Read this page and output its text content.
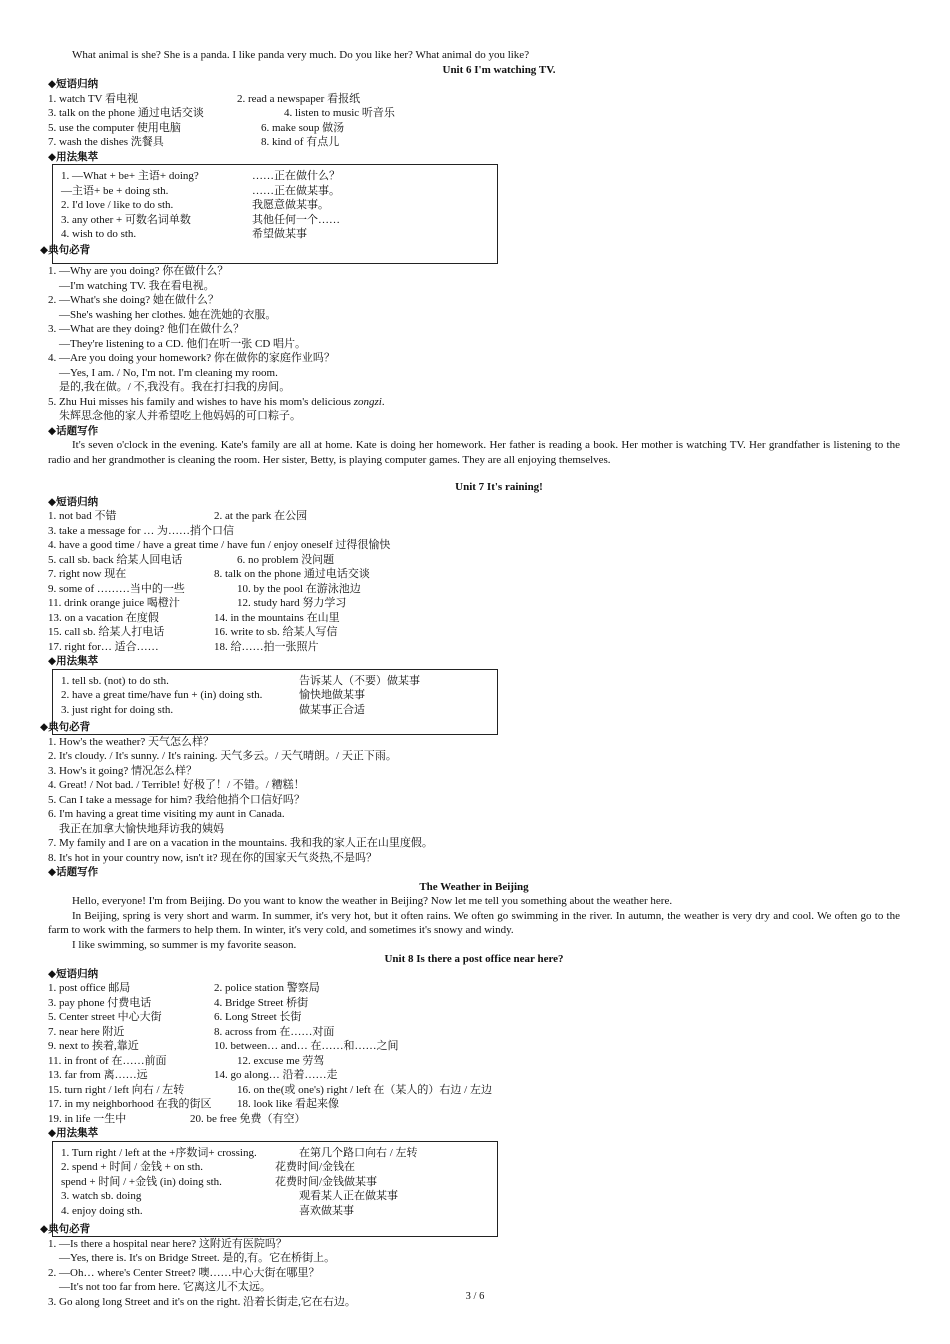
What animal is she? She is a panda. I like panda very much. Do you like her? What animal do you like?
Unit 6 I'm watching TV.
◆短语归纳
1. watch TV 看电视	2. read a newspaper 看报纸
3. talk on the phone 通过电话交谈	4. listen to music 听音乐
5. use the computer 使用电脑	6. make soup 做汤
7. wash the dishes 洗餐具	8. kind of 有点儿
◆用法集萃
1. —What + be+ 主语+ doing?	……正在做什么？
—主语+ be + doing sth.	……正在做某事。
2. I'd love / like to do sth.	我愿意做某事。
3. any other + 可数名词单数	其他任何一个……
4. wish to do sth.	希望做某事
◆典句必背
1. —Why are you doing? 你在做什么？
—I'm watching TV. 我在看电视。
2. —What's she doing? 她在做什么？
—She's washing her clothes. 她在洗她的衣服。
3. —What are they doing? 他们在做什么？
—They're listening to a CD. 他们在听一张 CD 唱片。
4. —Are you doing your homework? 你在做你的家庭作业吗？
—Yes, I am. / No, I'm not. I'm cleaning my room.
是的,我在做。/ 不,我没有。我在打扫我的房间。
5. Zhu Hui misses his family and wishes to have his mom's delicious zongzi.
朱辉思念他的家人并希望吃上他妈妈的可口粽子。
◆话题写作
It's seven o'clock in the evening. Kate's family are all at home. Kate is doing her homework. Her father is reading a book. Her mother is watching TV. Her grandfather is listening to the radio and her grandmother is cleaning the room. Her sister, Betty, is playing computer games. They are all enjoying themselves.
Unit 7 It's raining!
◆短语归纳
1. not bad 不错	2. at the park 在公园
3. take a message for … 为……捎个口信
4. have a good time / have a great time / have fun / enjoy oneself 过得很愉快
5. call sb. back 给某人回电话	6. no problem 没问题
7. right now 现在	8. talk on the phone 通过电话交谈
9. some of ………当中的一些	10. by the pool 在游泳池边
11. drink orange juice 喝橙汁	12. study hard 努力学习
13. on a vacation 在度假	14. in the mountains 在山里
15. call sb. 给某人打电话	16. write to sb. 给某人写信
17. right for… 适合……	18. 给……拍一张照片
◆用法集萃
1. tell sb. (not) to do sth.	告诉某人（不要）做某事
2. have a great time/have fun + (in) doing sth.	愉快地做某事
3. just right for doing sth.	做某事正合适
◆典句必背
1. How's the weather? 天气怎么样？
2. It's cloudy. / It's sunny. / It's raining. 天气多云。/ 天气晴朗。/ 天正下雨。
3. How's it going? 情况怎么样？
4. Great! / Not bad. / Terrible! 好极了！/ 不错。/ 糟糕！
5. Can I take a message for him? 我给他捎个口信好吗？
6. I'm having a great time visiting my aunt in Canada.
我正在加拿大愉快地拜访我的姨妈
7. My family and I are on a vacation in the mountains. 我和我的家人正在山里度假。
8. It's hot in your country now, isn't it? 现在你的国家天气炎热,不是吗？
◆话题写作
The Weather in Beijing
Hello, everyone! I'm from Beijing. Do you want to know the weather in Beijing? Now let me tell you something about the weather here.
In Beijing, spring is very short and warm. In summer, it's very hot, but it often rains. We often go swimming in the river. In autumn, the weather is very dry and cool. We often go to the farm to work with the farmers to help them. In winter, it's very cold, and sometimes it's snowy and windy.
I like swimming, so summer is my favorite season.
Unit 8 Is there a post office near here?
◆短语归纳
1. post office 邮局	2. police station 警察局
3. pay phone 付费电话	4. Bridge Street 桥街
5. Center street 中心大街	6. Long Street 长街
7. near here 附近	8. across from 在……对面
9. next to 挨着,靠近	10. between… and… 在……和……之间
11. in front of 在……前面	12. excuse me 劳驾
13. far from 离……远	14. go along… 沿着……走
15. turn right / left 向右 / 左转	16. on the(或 one's) right / left 在（某人的）右边 / 左边
17. in my neighborhood 在我的街区 18. look like 看起来像
19. in life 一生中	20. be free 免费（有空）
◆用法集萃
1. Turn right / left at the +序数词+ crossing.	在第几个路口向右 / 左转
2. spend + 时间 / 金钱 + on sth.	花费时间/金钱在
spend + 时间 / +金钱 (in) doing sth.	花费时间/金钱做某事
3. watch sb. doing	观看某人正在做某事
4. enjoy doing sth.	喜欢做某事
◆典句必背
1. —Is there a hospital near here? 这附近有医院吗？
—Yes, there is. It's on Bridge Street. 是的,有。它在桥街上。
2. —Oh… where's Center Street? 噢……中心大街在哪里？
—It's not too far from here. 它离这儿不太远。
3. Go along long Street and it's on the right. 沿着长街走,它在右边。	3 / 6
